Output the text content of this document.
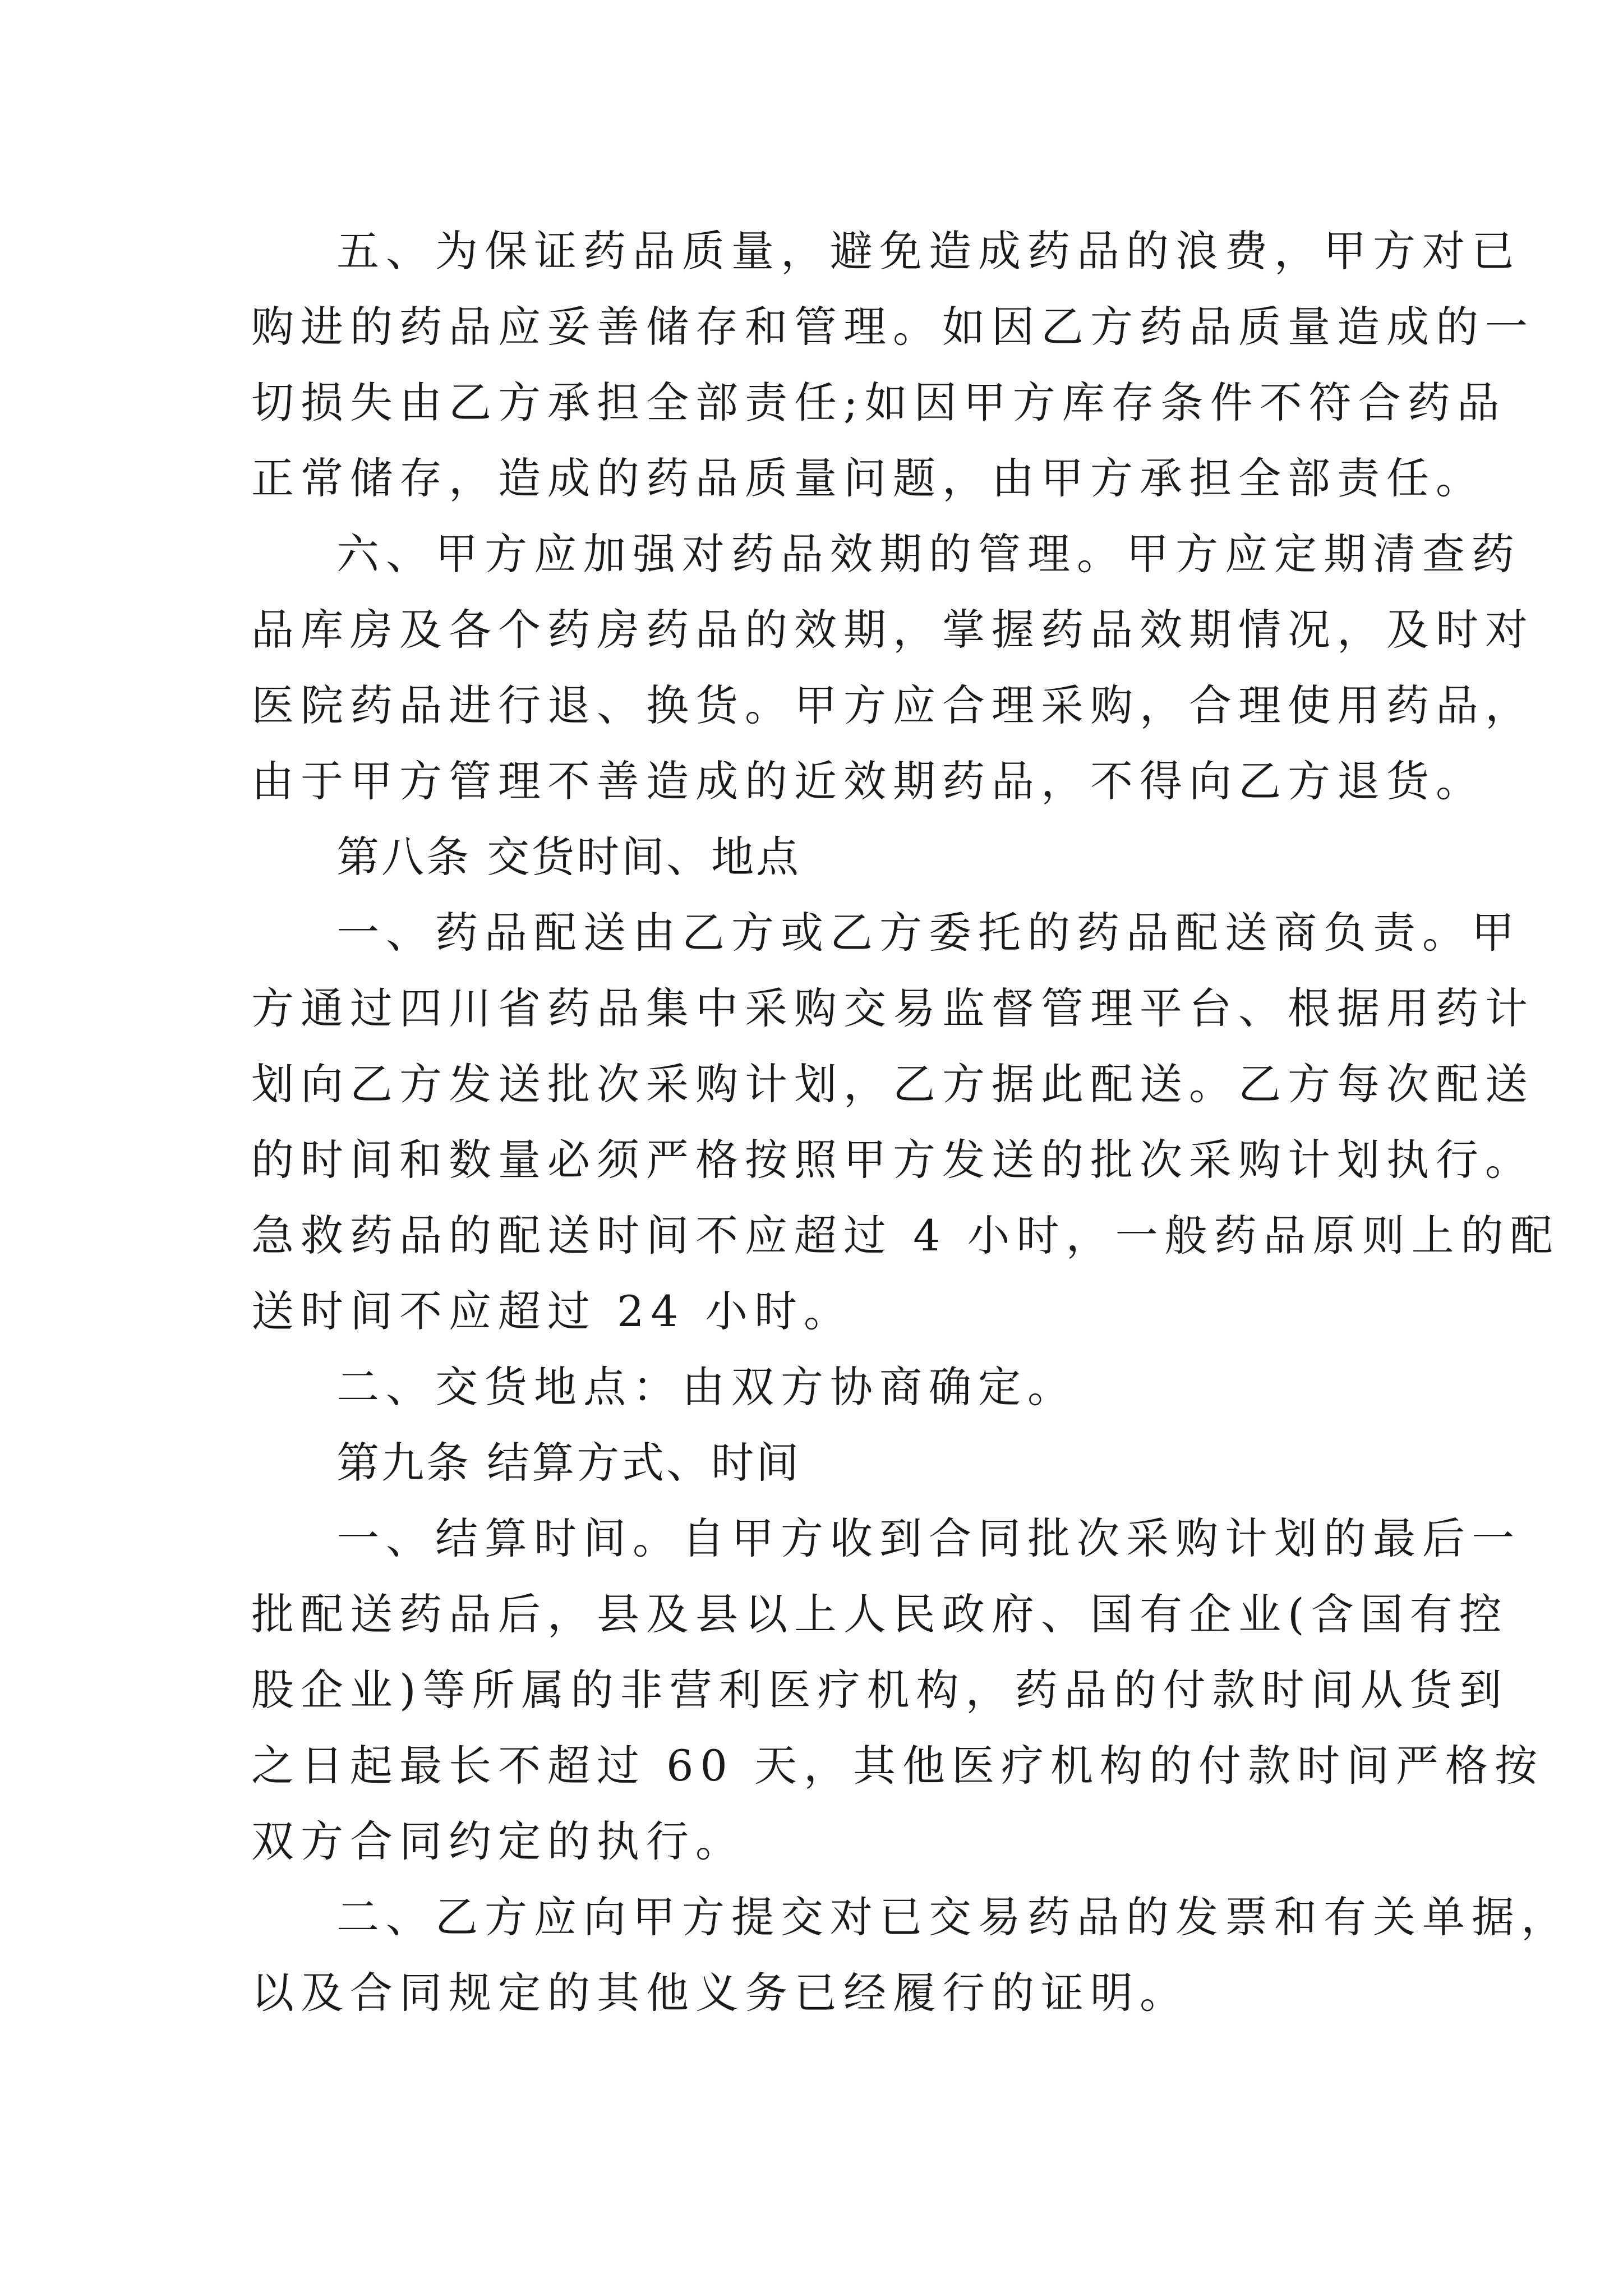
五、为保证药品质量，避免造成药品的浪费，甲方对已
购进的药品应妥善储存和管理。如因乙方药品质量造成的一
切损失由乙方承担全部责任;如因甲方库存条件不符合药品
正常储存，造成的药品质量问题，由甲方承担全部责任。
六、甲方应加强对药品效期的管理。甲方应定期清查药
品库房及各个药房药品的效期，掌握药品效期情况，及时对
医院药品进行退、换货。甲方应合理采购，合理使用药品，
由于甲方管理不善造成的近效期药品，不得向乙方退货。
第八条 交货时间、地点
一、药品配送由乙方或乙方委托的药品配送商负责。甲
方通过四川省药品集中采购交易监督管理平台、根据用药计
划向乙方发送批次采购计划，乙方据此配送。乙方每次配送
的时间和数量必须严格按照甲方发送的批次采购计划执行。
急救药品的配送时间不应超过 4 小时，一般药品原则上的配
送时间不应超过 24 小时。
二、交货地点：由双方协商确定。
第九条 结算方式、时间
一、结算时间。自甲方收到合同批次采购计划的最后一
批配送药品后，县及县以上人民政府、国有企业(含国有控
股企业)等所属的非营利医疗机构，药品的付款时间从货到
之日起最长不超过 60 天，其他医疗机构的付款时间严格按
双方合同约定的执行。
二、乙方应向甲方提交对已交易药品的发票和有关单据，
以及合同规定的其他义务已经履行的证明。
